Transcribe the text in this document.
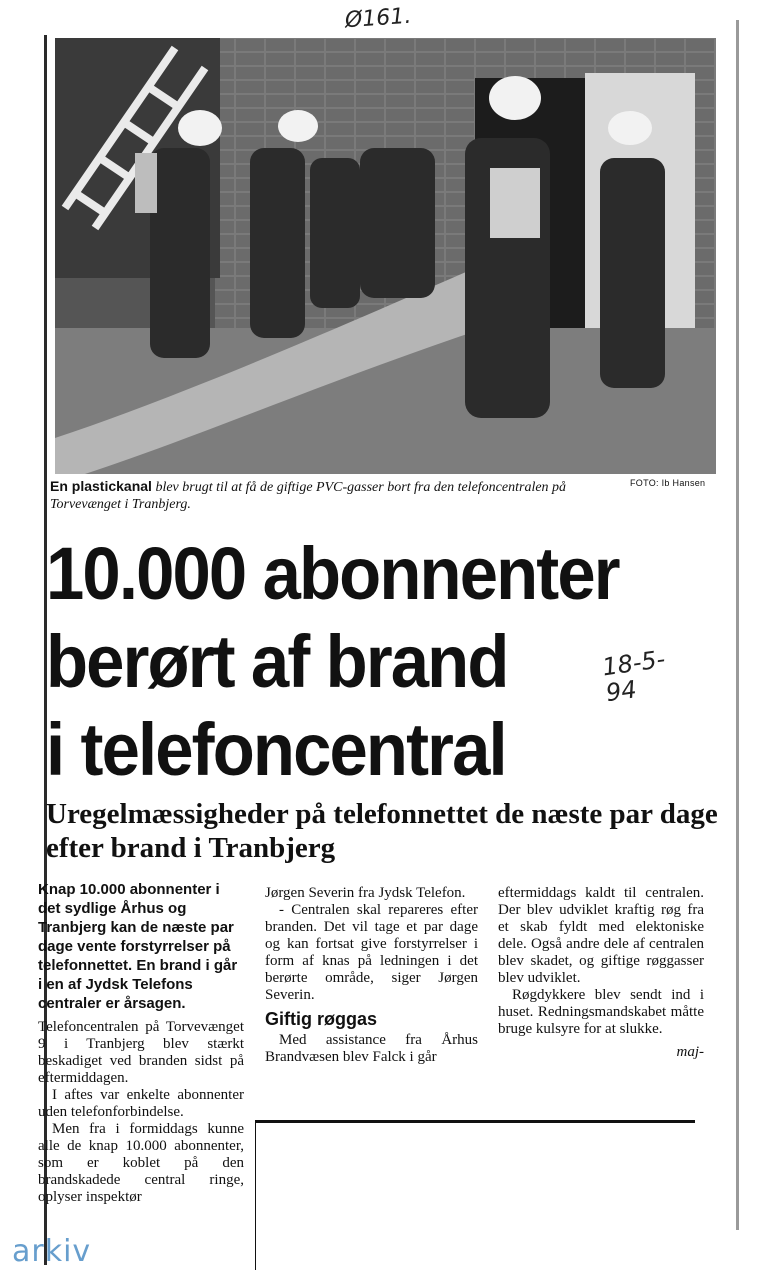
Ø161.
18-5-
94
En plastickanal blev brugt til at få de giftige PVC-gasser bort fra den telefoncentralen på Torvevænget i Tranbjerg.
FOTO: Ib Hansen
10.000 abonnenter
berørt af brand
i telefoncentral
Uregelmæssigheder på telefonnettet de næste par dage efter brand i Tranbjerg
Knap 10.000 abonnenter i det sydlige Århus og Tranbjerg kan de næste par dage vente forstyrrelser på telefonnettet. En brand i går i en af Jydsk Telefons centraler er årsagen.

Telefoncentralen på Torvevænget 9 i Tranbjerg blev stærkt beskadiget ved branden sidst på eftermiddagen.

I aftes var enkelte abonnenter uden telefonforbindelse.

Men fra i formiddags kunne alle de knap 10.000 abonnenter, som er koblet på den brandskadede central ringe, oplyser inspektør

Jørgen Severin fra Jydsk Telefon.

- Centralen skal repareres efter branden. Det vil tage et par dage og kan fortsat give forstyrrelser i form af knas på ledningen i det berørte område, siger Jørgen Severin.

Giftig røggas

Med assistance fra Århus Brandvæsen blev Falck i går

eftermiddags kaldt til centralen. Der blev udviklet kraftig røg fra et skab fyldt med elektoniske dele. Også andre dele af centralen blev skadet, og giftige røggasser blev udviklet.

Røgdykkere blev sendt ind i huset. Redningsmandskabet måtte bruge kulsyre for at slukke.

maj-
arkiv
